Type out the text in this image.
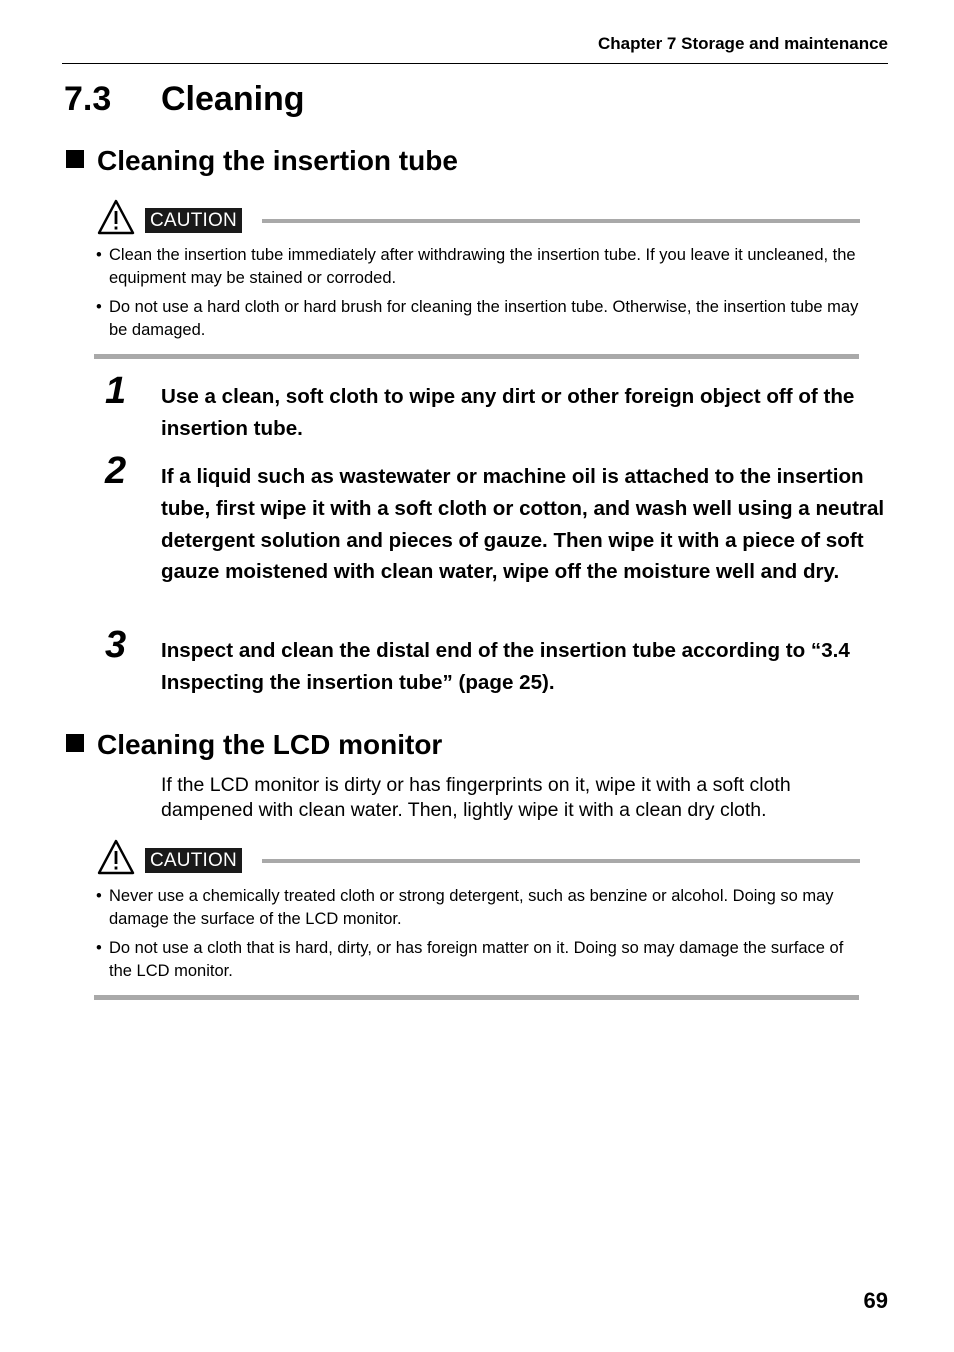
Chapter 7 Storage and maintenance
7.3 Cleaning
Cleaning the insertion tube
CAUTION
• Clean the insertion tube immediately after withdrawing the insertion tube. If you leave it uncleaned, the equipment may be stained or corroded.
• Do not use a hard cloth or hard brush for cleaning the insertion tube. Otherwise, the insertion tube may be damaged.
1 Use a clean, soft cloth to wipe any dirt or other foreign object off of the insertion tube.
2 If a liquid such as wastewater or machine oil is attached to the insertion tube, first wipe it with a soft cloth or cotton, and wash well using a neutral detergent solution and pieces of gauze. Then wipe it with a piece of soft gauze moistened with clean water, wipe off the moisture well and dry.
3 Inspect and clean the distal end of the insertion tube according to “3.4 Inspecting the insertion tube” (page 25).
Cleaning the LCD monitor
If the LCD monitor is dirty or has fingerprints on it, wipe it with a soft cloth dampened with clean water. Then, lightly wipe it with a clean dry cloth.
CAUTION
• Never use a chemically treated cloth or strong detergent, such as benzine or alcohol. Doing so may damage the surface of the LCD monitor.
• Do not use a cloth that is hard, dirty, or has foreign matter on it. Doing so may damage the surface of the LCD monitor.
69
